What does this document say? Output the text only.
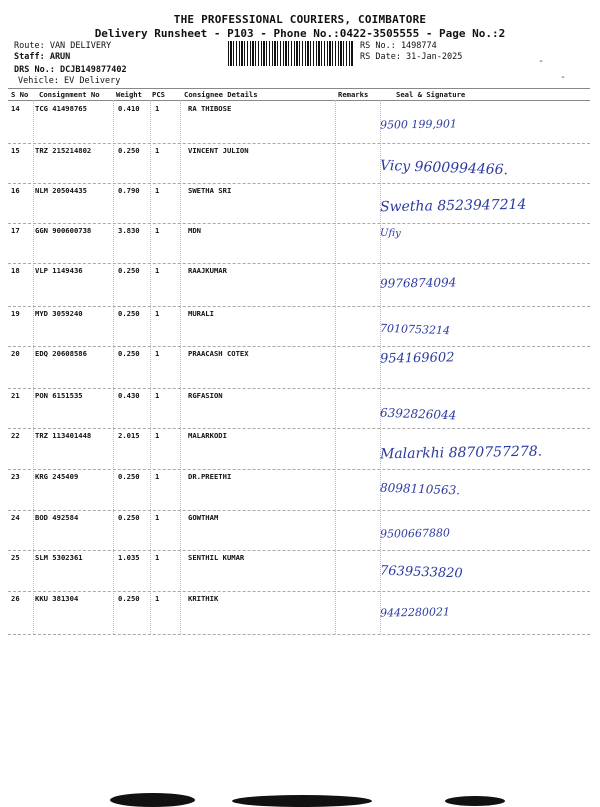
THE PROFESSIONAL COURIERS, COIMBATORE
Delivery Runsheet - P103 - Phone No.:0422-3505555 - Page No.:2
Route: VAN DELIVERY
Staff: ARUN
DRS No.: DCJB149877402
Vehicle: EV Delivery
RS No.: 1498774
RS Date: 31-Jan-2025	-
-
S No Consignment No Weight PCS	Consignee Details	Remarks	Seal & Signature
14 TCG 41498765	0.410 1	RA THIBOSE
9500 199,901
15 TRZ 215214802	0.250 1	VINCENT JULION
Vicy 9600994466.
16 NLM 20504435	0.790 1	SWETHA SRI
Swetha 8523947214
17 GGN 900600738	3.830 1	MDN	Ufiy
18 VLP 1149436	0.250 1	RAAJKUMAR
9976874094
19 MYD 3059240	0.250 1	MURALI
7010753214
20 EDQ 20608586	0.250 1	PRAACASH COTEX	954169602
21 PON 6151535	0.430 1	RGFASION
6392826044
22 TRZ 113401448	2.015 1	MALARKODI
Malarkhi 8870757278.
23 KRG 245409	0.250 1	DR.PREETHI
8098110563.
24 BOD 492584	0.250 1	GOWTHAM
9500667880
25 SLM 5302361	1.035 1	SENTHIL KUMAR
7639533820
26 KKU 381304	0.250 1	KRITHIK
9442280021
